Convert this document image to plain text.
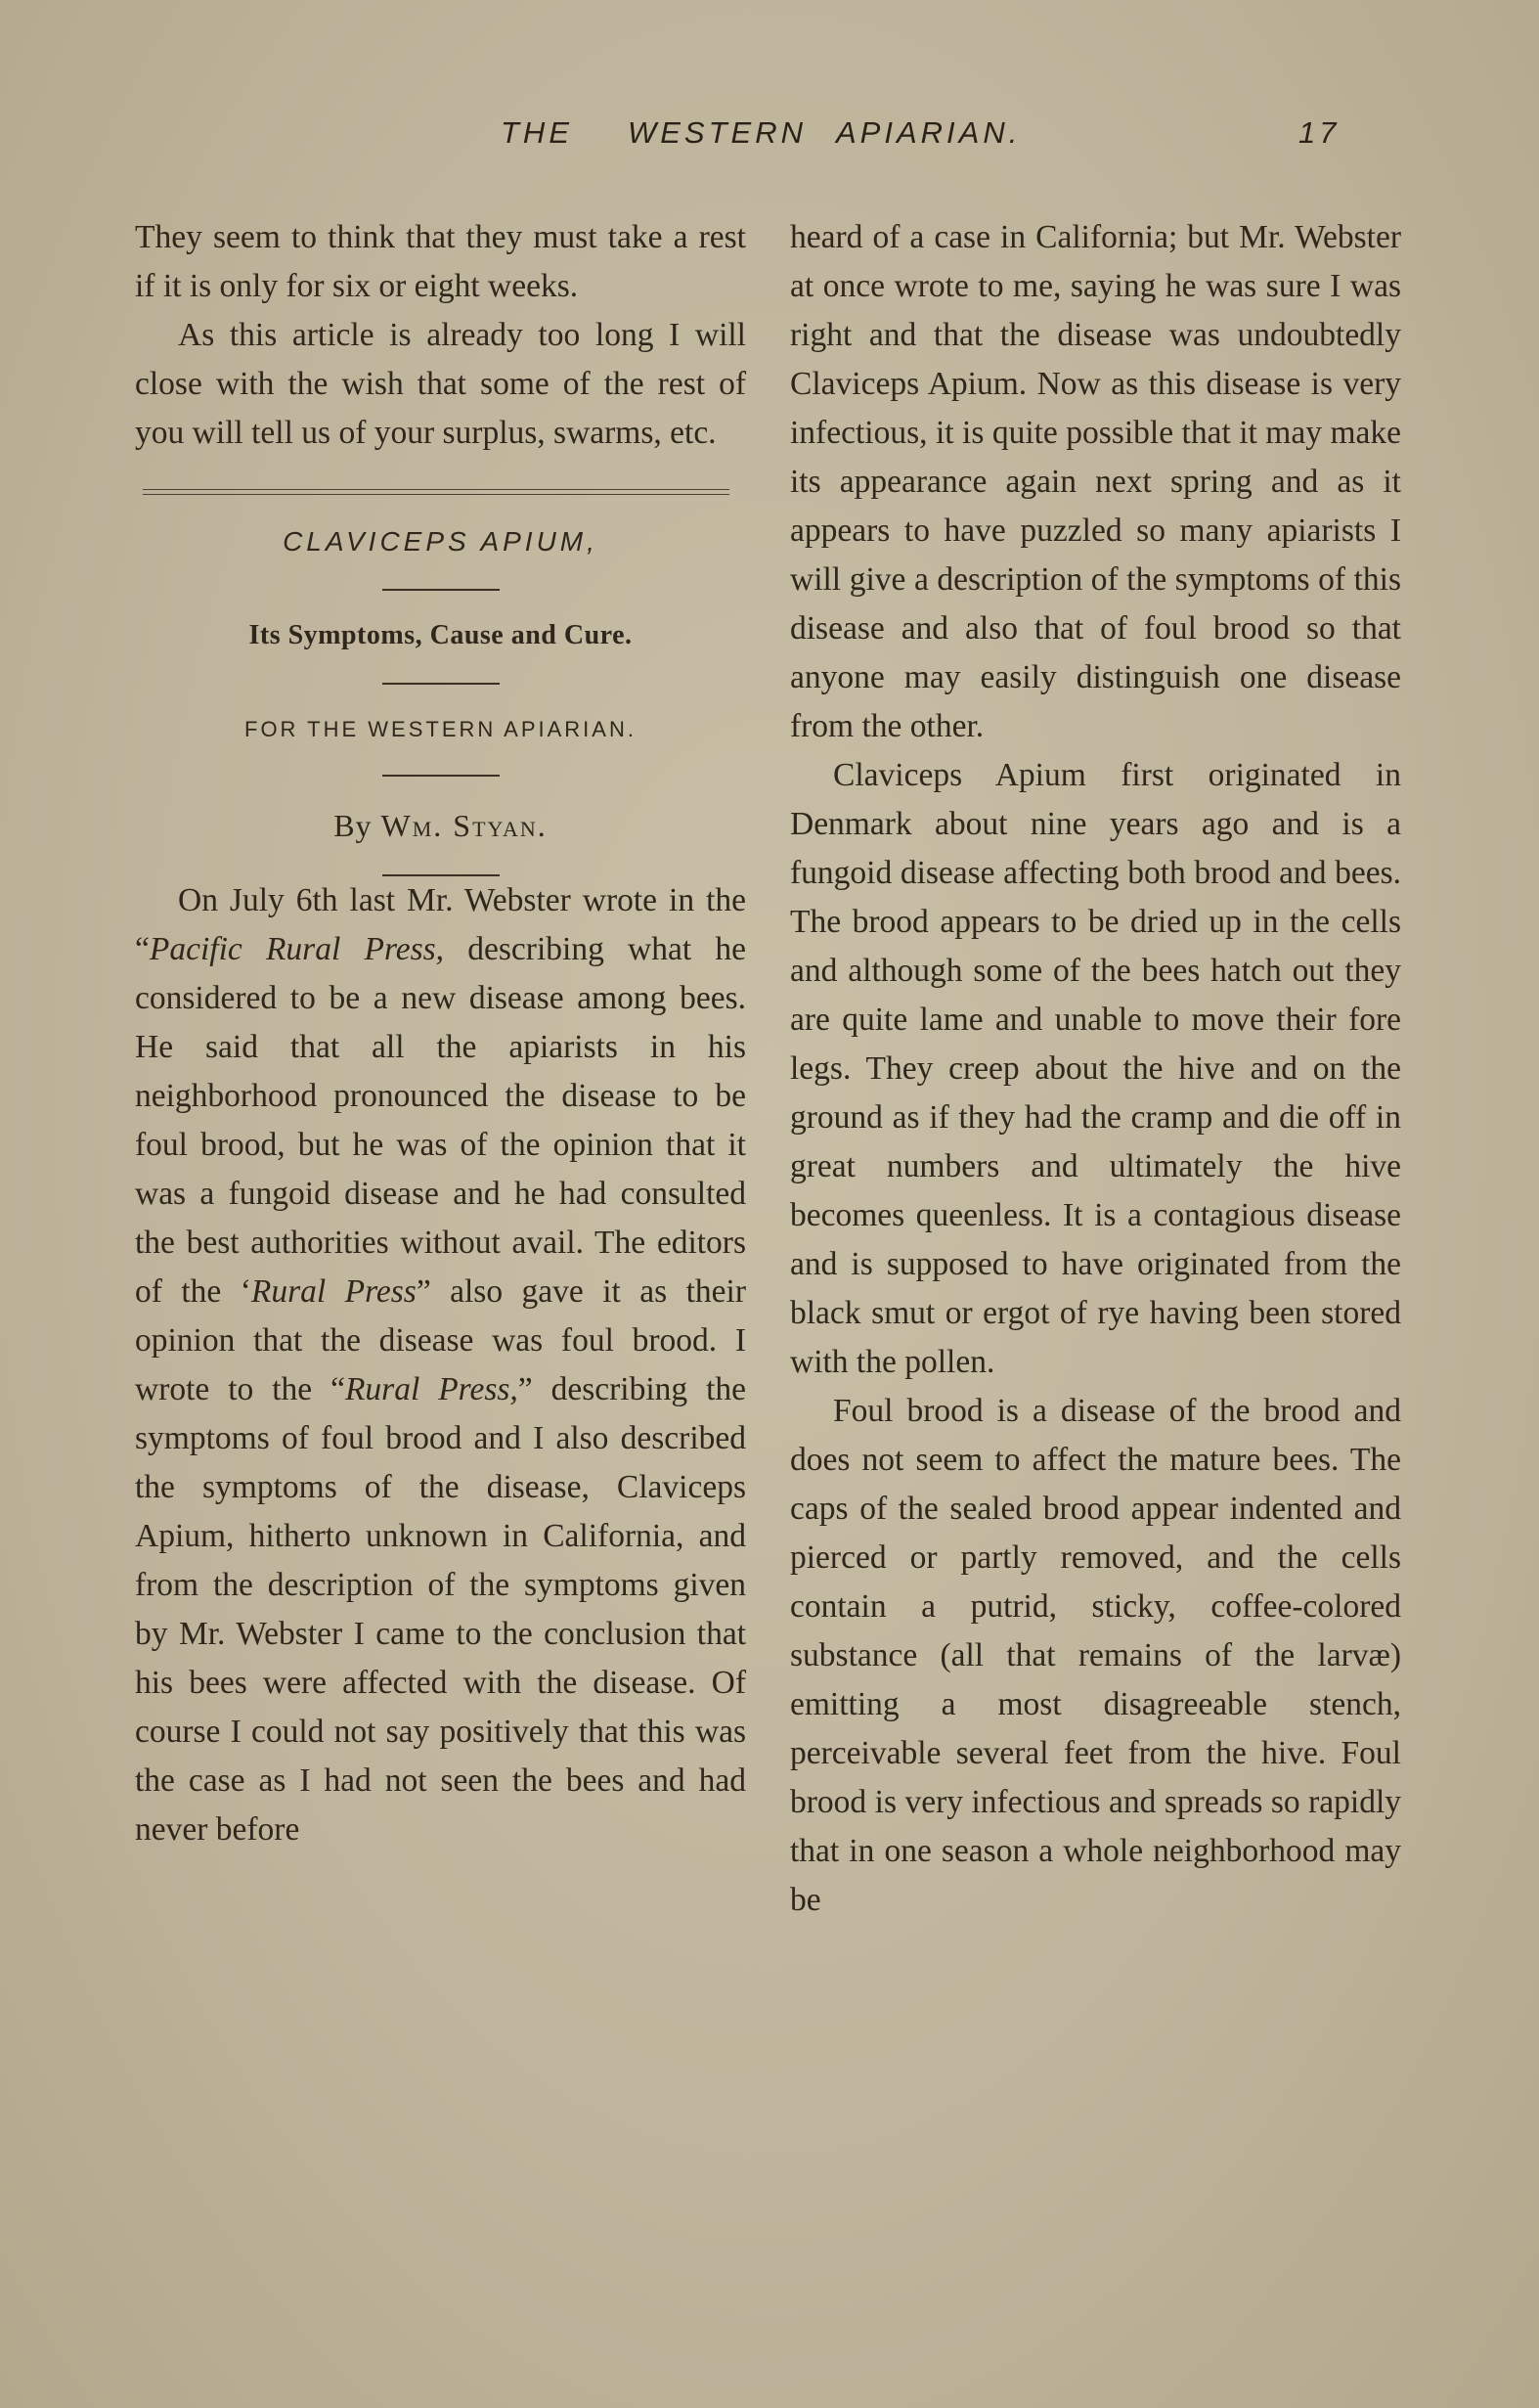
THE WESTERN APIARIAN.	17

They seem to think that they must take a rest if it is only for six or eight weeks.

As this article is already too long I will close with the wish that some of the rest of you will tell us of your surplus, swarms, etc.

CLAVICEPS APIUM,
Its Symptoms, Cause and Cure.
FOR THE WESTERN APIARIAN.
By Wm. Styan.

On July 6th last Mr. Webster wrote in the “Pacific Rural Press, describing what he considered to be a new disease among bees. He said that all the apiarists in his neighborhood pronounced the disease to be foul brood, but he was of the opinion that it was a fungoid disease and he had consulted the best authorities without avail. The editors of the ‘Rural Press” also gave it as their opinion that the disease was foul brood. I wrote to the “Rural Press,” describing the symptoms of foul brood and I also described the symptoms of the disease, Claviceps Apium, hitherto unknown in California, and from the description of the symptoms given by Mr. Webster I came to the conclusion that his bees were affected with the disease. Of course I could not say positively that this was the case as I had not seen the bees and had never before

heard of a case in California; but Mr. Webster at once wrote to me, saying he was sure I was right and that the disease was undoubtedly Claviceps Apium. Now as this disease is very infectious, it is quite possible that it may make its appearance again next spring and as it appears to have puzzled so many apiarists I will give a description of the symptoms of this disease and also that of foul brood so that anyone may easily distinguish one disease from the other.

Claviceps Apium first originated in Denmark about nine years ago and is a fungoid disease affecting both brood and bees. The brood appears to be dried up in the cells and although some of the bees hatch out they are quite lame and unable to move their fore legs. They creep about the hive and on the ground as if they had the cramp and die off in great numbers and ultimately the hive becomes queenless. It is a contagious disease and is supposed to have originated from the black smut or ergot of rye having been stored with the pollen.

Foul brood is a disease of the brood and does not seem to affect the mature bees. The caps of the sealed brood appear indented and pierced or partly removed, and the cells contain a putrid, sticky, coffee-colored substance (all that remains of the larvæ) emitting a most disagreeable stench, perceivable several feet from the hive. Foul brood is very infectious and spreads so rapidly that in one season a whole neighborhood may be
